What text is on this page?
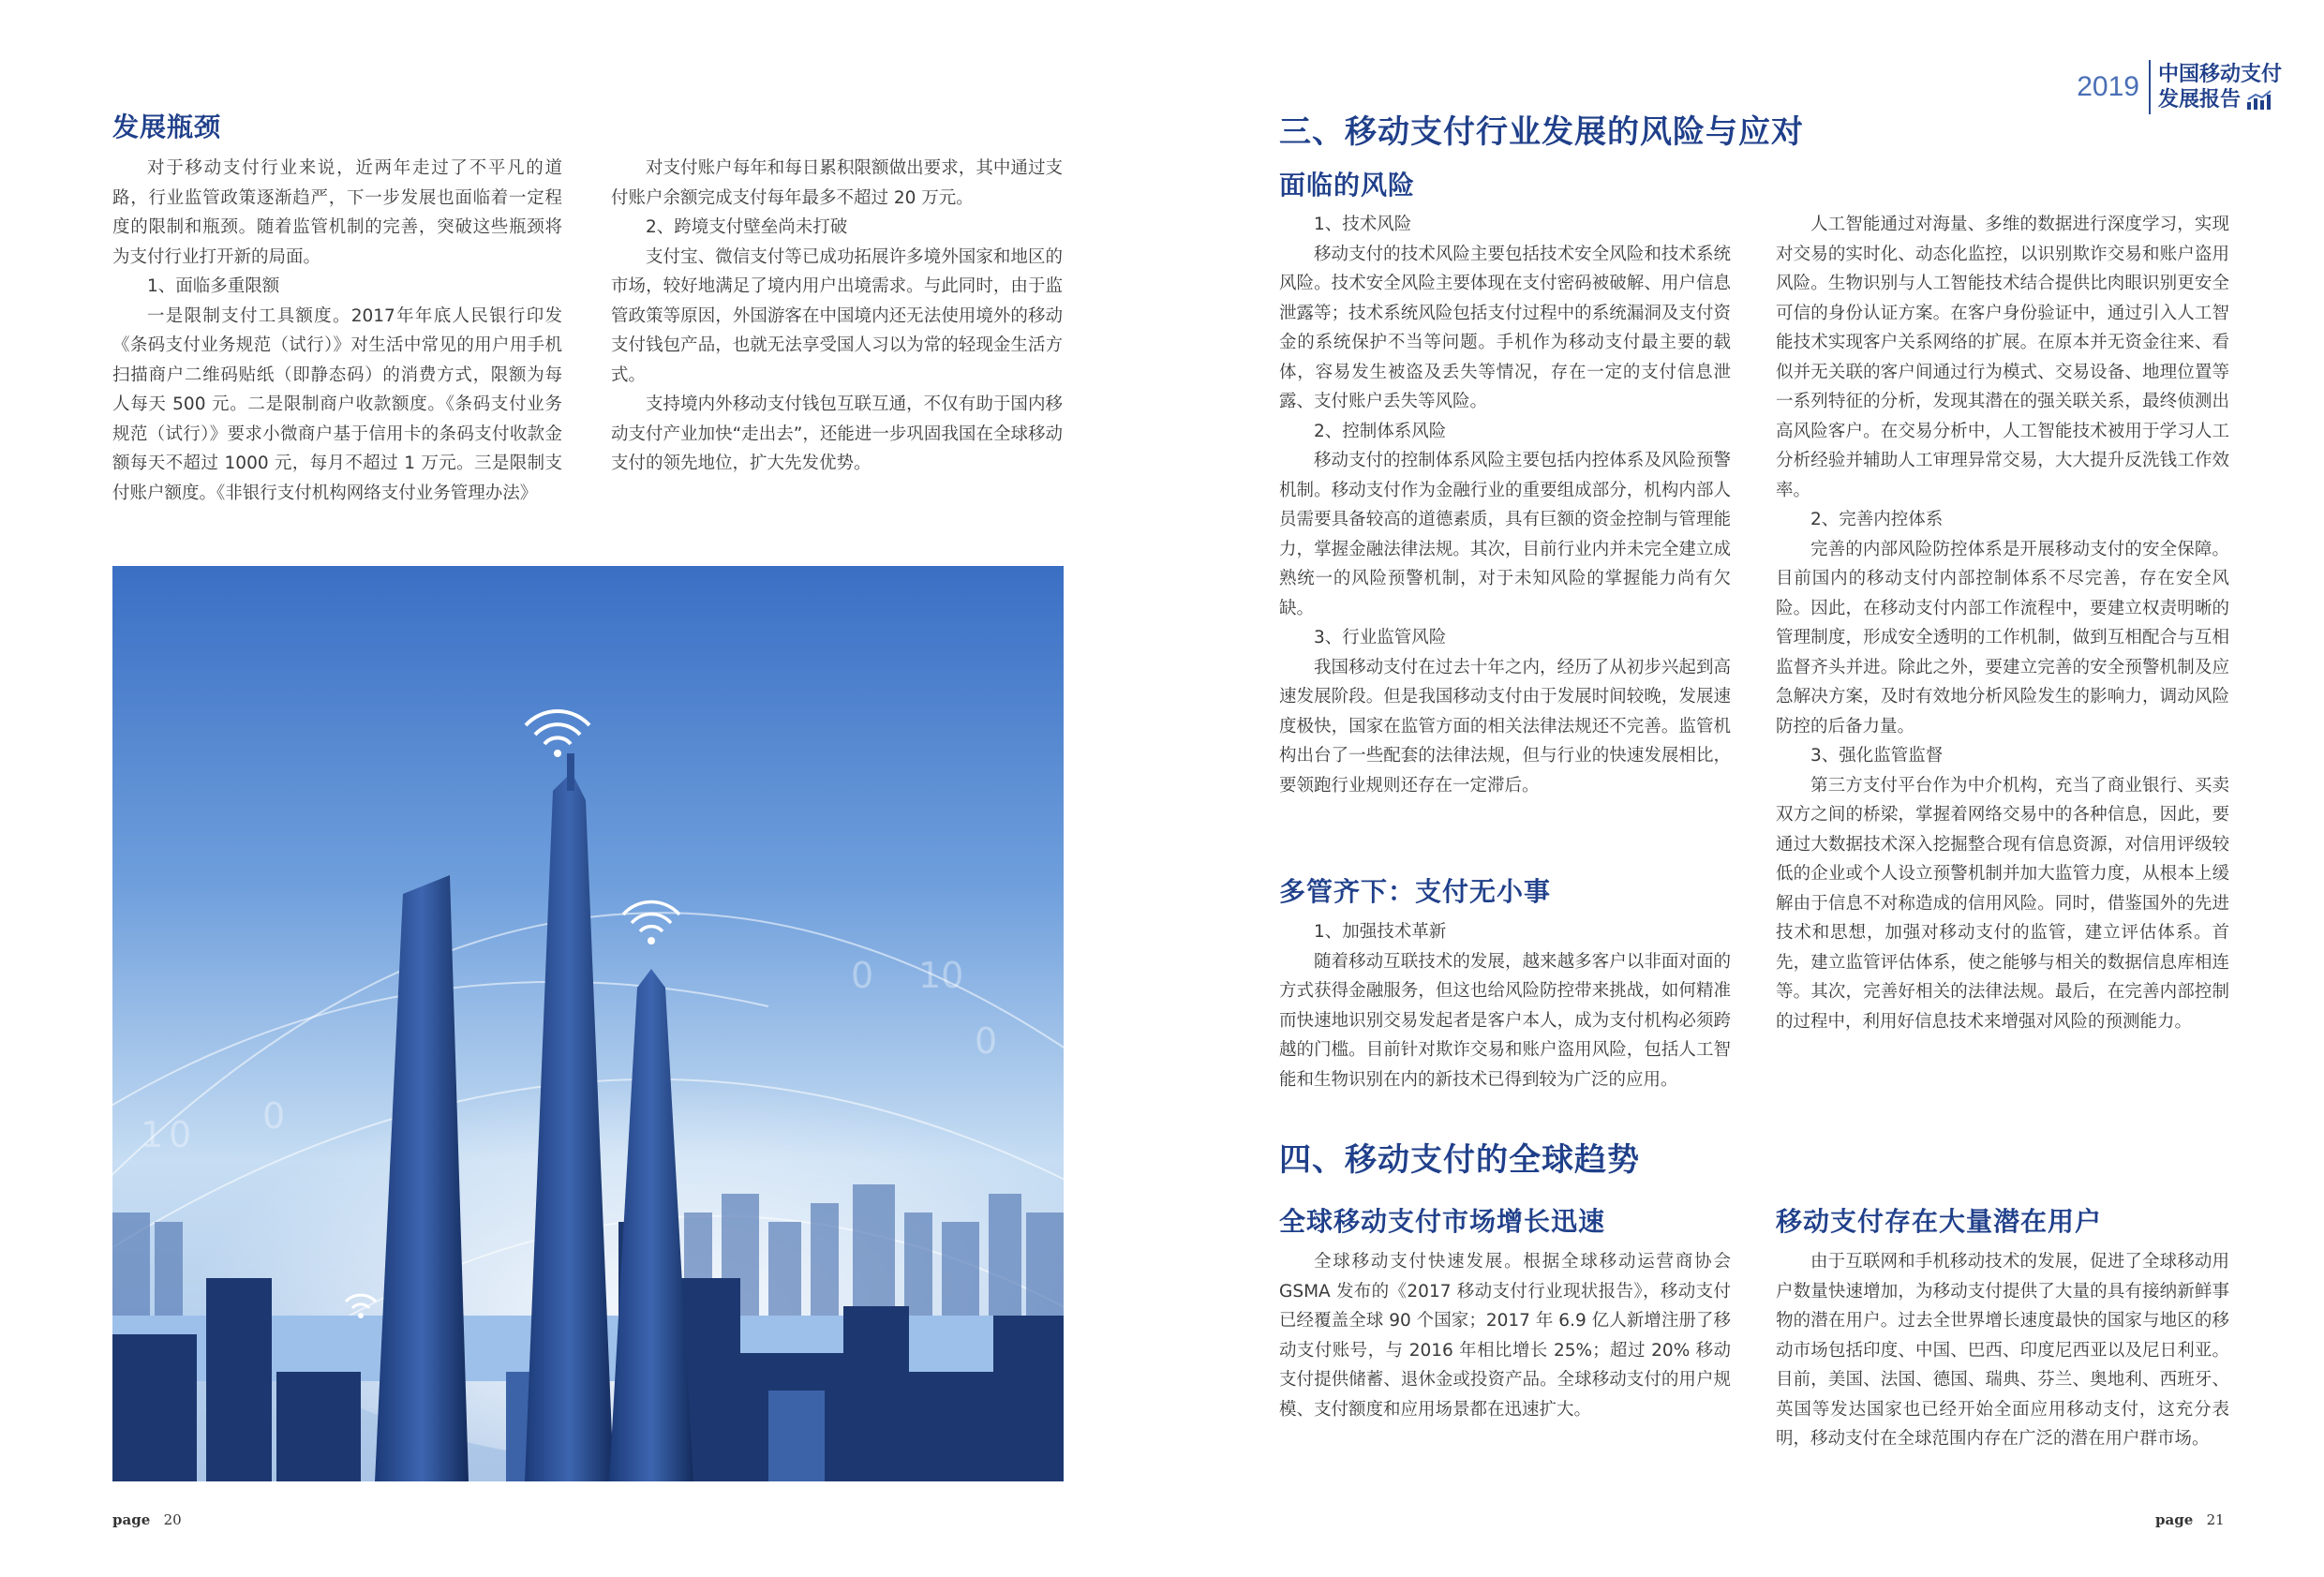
2019 中国移动支付
发展报告
发展瓶颈

对于移动支付行业来说，近两年走过了不平凡的道路，行业监管政策逐渐趋严，下一步发展也面临着一定程度的限制和瓶颈。随着监管机制的完善，突破这些瓶颈将为支付行业打开新的局面。

1、面临多重限额

一是限制支付工具额度。2017年年底人民银行印发《条码支付业务规范（试行）》对生活中常见的用户用手机扫描商户二维码贴纸（即静态码）的消费方式，限额为每人每天 500 元。二是限制商户收款额度。《条码支付业务规范（试行）》要求小微商户基于信用卡的条码支付收款金额每天不超过 1000 元，每月不超过 1 万元。三是限制支付账户额度。《非银行支付机构网络支付业务管理办法》

对支付账户每年和每日累积限额做出要求，其中通过支付账户余额完成支付每年最多不超过 20 万元。

2、跨境支付壁垒尚未打破

支付宝、微信支付等已成功拓展许多境外国家和地区的市场，较好地满足了境内用户出境需求。与此同时，由于监管政策等原因，外国游客在中国境内还无法使用境外的移动支付钱包产品，也就无法享受国人习以为常的轻现金生活方式。

支持境内外移动支付钱包互联互通，不仅有助于国内移动支付产业加快“走出去”，还能进一步巩固我国在全球移动支付的领先地位，扩大先发优势。

0 10
0
1 0 0
page 20
三、移动支付行业发展的风险与应对
面临的风险

1、技术风险

移动支付的技术风险主要包括技术安全风险和技术系统风险。技术安全风险主要体现在支付密码被破解、用户信息泄露等；技术系统风险包括支付过程中的系统漏洞及支付资金的系统保护不当等问题。手机作为移动支付最主要的载体，容易发生被盗及丢失等情况，存在一定的支付信息泄露、支付账户丢失等风险。

2、控制体系风险

移动支付的控制体系风险主要包括内控体系及风险预警机制。移动支付作为金融行业的重要组成部分，机构内部人员需要具备较高的道德素质，具有巨额的资金控制与管理能力，掌握金融法律法规。其次，目前行业内并未完全建立成熟统一的风险预警机制，对于未知风险的掌握能力尚有欠缺。

3、行业监管风险

我国移动支付在过去十年之内，经历了从初步兴起到高速发展阶段。但是我国移动支付由于发展时间较晚，发展速度极快，国家在监管方面的相关法律法规还不完善。监管机构出台了一些配套的法律法规，但与行业的快速发展相比，要领跑行业规则还存在一定滞后。

多管齐下：支付无小事

1、加强技术革新

随着移动互联技术的发展，越来越多客户以非面对面的方式获得金融服务，但这也给风险防控带来挑战，如何精准而快速地识别交易发起者是客户本人，成为支付机构必须跨越的门槛。目前针对欺诈交易和账户盗用风险，包括人工智能和生物识别在内的新技术已得到较为广泛的应用。

人工智能通过对海量、多维的数据进行深度学习，实现对交易的实时化、动态化监控，以识别欺诈交易和账户盗用风险。生物识别与人工智能技术结合提供比肉眼识别更安全可信的身份认证方案。在客户身份验证中，通过引入人工智能技术实现客户关系网络的扩展。在原本并无资金往来、看似并无关联的客户间通过行为模式、交易设备、地理位置等一系列特征的分析，发现其潜在的强关联关系，最终侦测出高风险客户。在交易分析中，人工智能技术被用于学习人工分析经验并辅助人工审理异常交易，大大提升反洗钱工作效率。

2、完善内控体系

完善的内部风险防控体系是开展移动支付的安全保障。目前国内的移动支付内部控制体系不尽完善，存在安全风险。因此，在移动支付内部工作流程中，要建立权责明晰的管理制度，形成安全透明的工作机制，做到互相配合与互相监督齐头并进。除此之外，要建立完善的安全预警机制及应急解决方案，及时有效地分析风险发生的影响力，调动风险防控的后备力量。

3、强化监管监督

第三方支付平台作为中介机构，充当了商业银行、买卖双方之间的桥梁，掌握着网络交易中的各种信息，因此，要通过大数据技术深入挖掘整合现有信息资源，对信用评级较低的企业或个人设立预警机制并加大监管力度，从根本上缓解由于信息不对称造成的信用风险。同时，借鉴国外的先进技术和思想，加强对移动支付的监管，建立评估体系。首先，建立监管评估体系，使之能够与相关的数据信息库相连等。其次，完善好相关的法律法规。最后，在完善内部控制的过程中，利用好信息技术来增强对风险的预测能力。

四、移动支付的全球趋势
全球移动支付市场增长迅速

全球移动支付快速发展。根据全球移动运营商协会 GSMA 发布的《2017 移动支付行业现状报告》，移动支付已经覆盖全球 90 个国家；2017 年 6.9 亿人新增注册了移动支付账号，与 2016 年相比增长 25%；超过 20% 移动支付提供储蓄、退休金或投资产品。全球移动支付的用户规模、支付额度和应用场景都在迅速扩大。

移动支付存在大量潜在用户

由于互联网和手机移动技术的发展，促进了全球移动用户数量快速增加，为移动支付提供了大量的具有接纳新鲜事物的潜在用户。过去全世界增长速度最快的国家与地区的移动市场包括印度、中国、巴西、印度尼西亚以及尼日利亚。目前，美国、法国、德国、瑞典、芬兰、奥地利、西班牙、英国等发达国家也已经开始全面应用移动支付，这充分表明，移动支付在全球范围内存在广泛的潜在用户群市场。

page 21
